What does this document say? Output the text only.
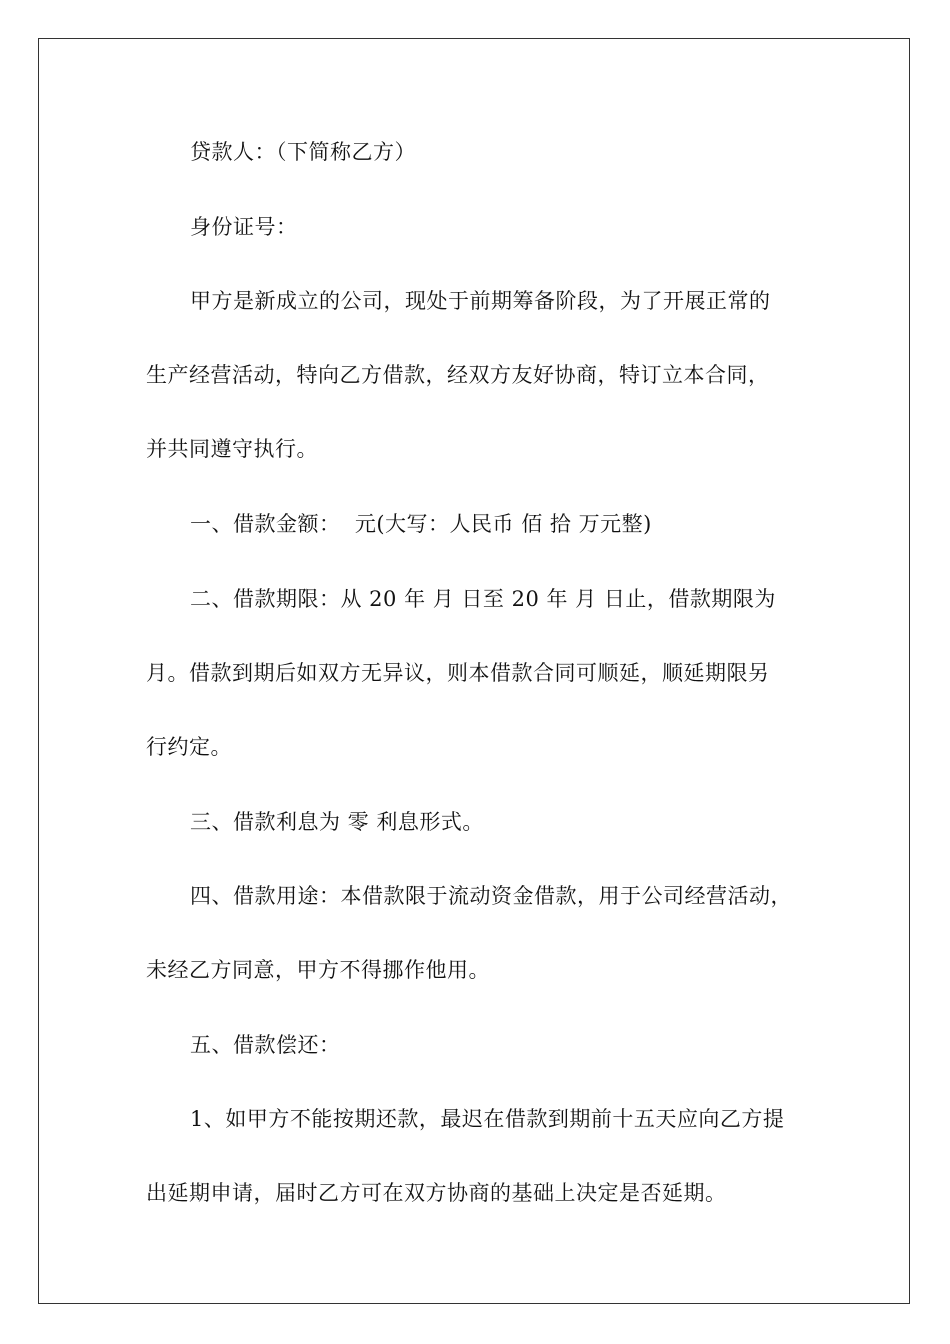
贷款人：（下简称乙方）
身份证号：
甲方是新成立的公司，现处于前期筹备阶段，为了开展正常的
生产经营活动，特向乙方借款，经双方友好协商，特订立本合同，
并共同遵守执行。
一、借款金额：  元(大写：人民币 佰 拾 万元整)
二、借款期限：从 20 年 月 日至 20 年 月 日止，借款期限为
月。借款到期后如双方无异议，则本借款合同可顺延，顺延期限另
行约定。
三、借款利息为 零 利息形式。
四、借款用途：本借款限于流动资金借款，用于公司经营活动，
未经乙方同意，甲方不得挪作他用。
五、借款偿还：
1、如甲方不能按期还款，最迟在借款到期前十五天应向乙方提
出延期申请，届时乙方可在双方协商的基础上决定是否延期。
